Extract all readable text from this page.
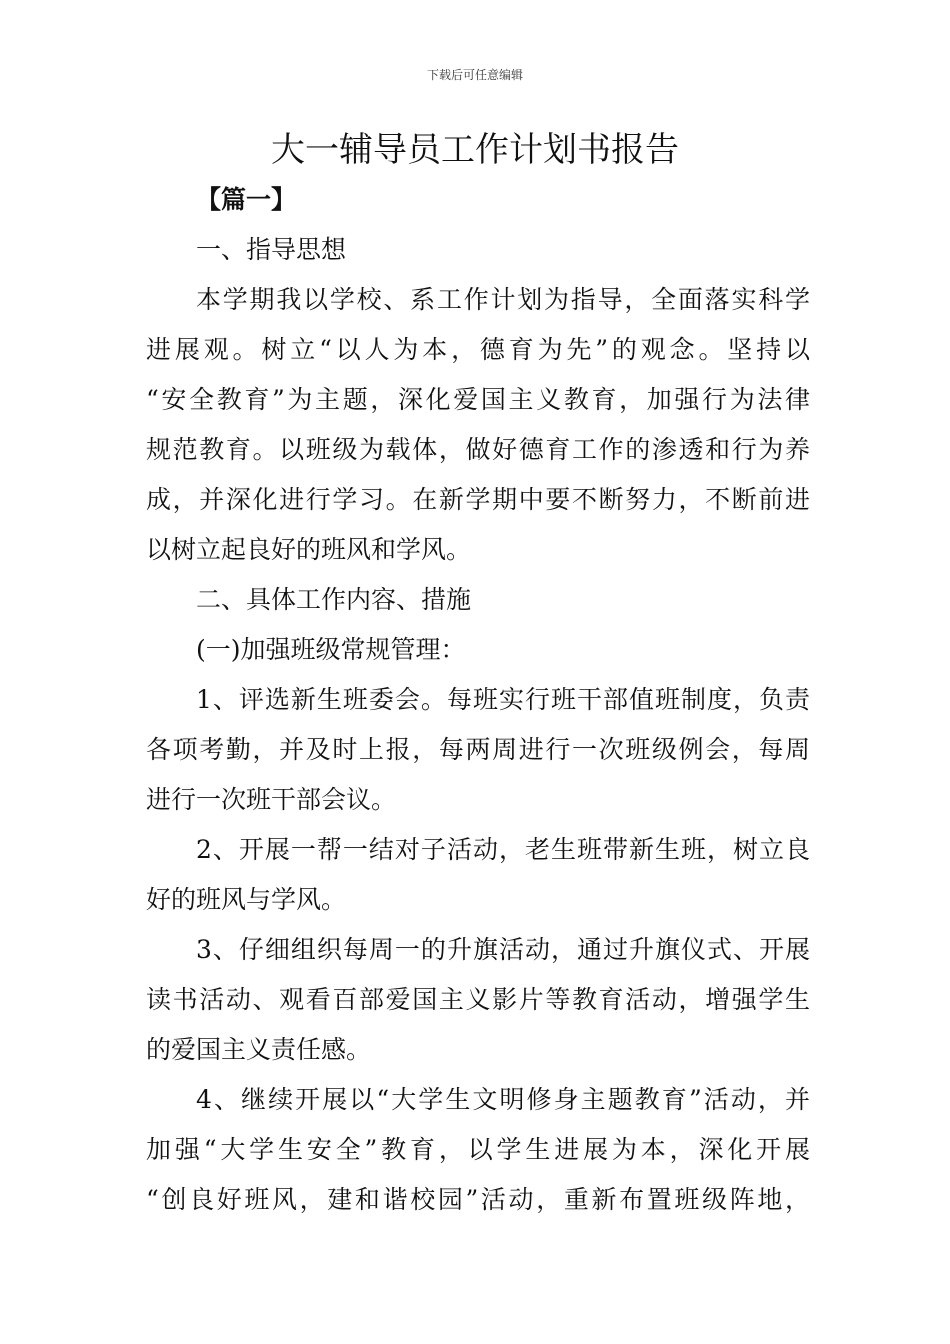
下载后可任意编辑
大一辅导员工作计划书报告
【篇一】
一、指导思想
本学期我以学校、系工作计划为指导，全面落实科学
进展观。树立“以人为本，德育为先”的观念。坚持以
“安全教育”为主题，深化爱国主义教育，加强行为法律
规范教育。以班级为载体，做好德育工作的渗透和行为养
成，并深化进行学习。在新学期中要不断努力，不断前进
以树立起良好的班风和学风。
二、具体工作内容、措施
(一)加强班级常规管理：
1、评选新生班委会。每班实行班干部值班制度，负责
各项考勤，并及时上报，每两周进行一次班级例会，每周
进行一次班干部会议。
2、开展一帮一结对子活动，老生班带新生班，树立良
好的班风与学风。
3、仔细组织每周一的升旗活动，通过升旗仪式、开展
读书活动、观看百部爱国主义影片等教育活动，增强学生
的爱国主义责任感。
4、继续开展以“大学生文明修身主题教育”活动，并
加强“大学生安全”教育，以学生进展为本，深化开展
“创良好班风，建和谐校园”活动，重新布置班级阵地，
